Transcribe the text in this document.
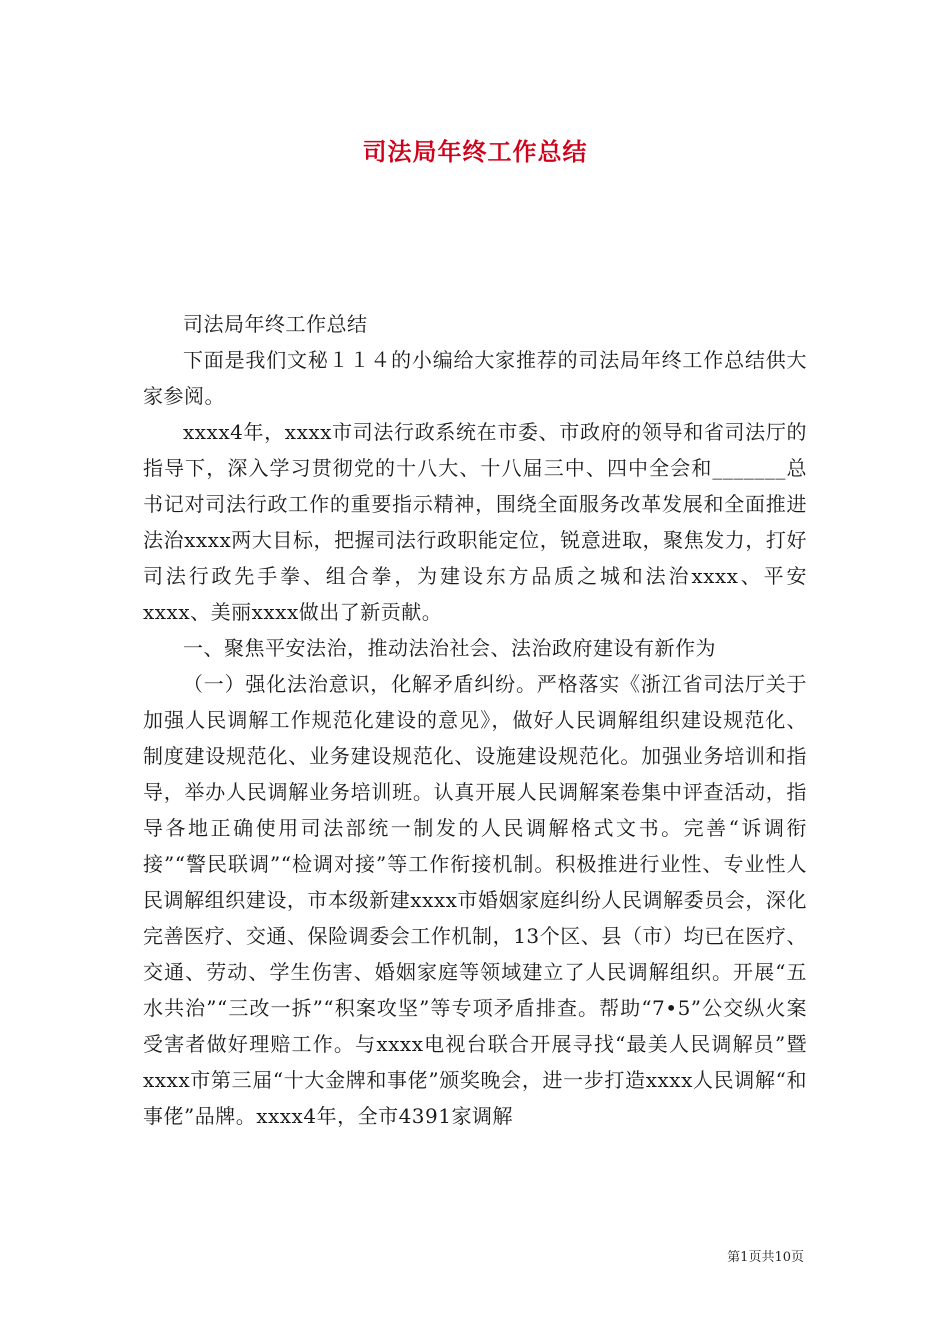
司法局年终工作总结

司法局年终工作总结

下面是我们文秘１１４的小编给大家推荐的司法局年终工作总结供大家参阅。

xxxx4年，xxxx市司法行政系统在市委、市政府的领导和省司法厅的指导下，深入学习贯彻党的十八大、十八届三中、四中全会和_______总书记对司法行政工作的重要指示精神，围绕全面服务改革发展和全面推进法治xxxx两大目标，把握司法行政职能定位，锐意进取，聚焦发力，打好司法行政先手拳、组合拳，为建设东方品质之城和法治xxxx、平安xxxx、美丽xxxx做出了新贡献。

一、聚焦平安法治，推动法治社会、法治政府建设有新作为

（一）强化法治意识，化解矛盾纠纷。严格落实《浙江省司法厅关于加强人民调解工作规范化建设的意见》，做好人民调解组织建设规范化、制度建设规范化、业务建设规范化、设施建设规范化。加强业务培训和指导，举办人民调解业务培训班。认真开展人民调解案卷集中评查活动，指导各地正确使用司法部统一制发的人民调解格式文书。完善“诉调衔接”“警民联调”“检调对接”等工作衔接机制。积极推进行业性、专业性人民调解组织建设，市本级新建xxxx市婚姻家庭纠纷人民调解委员会，深化完善医疗、交通、保险调委会工作机制，13个区、县（市）均已在医疗、交通、劳动、学生伤害、婚姻家庭等领域建立了人民调解组织。开展“五水共治”“三改一拆”“积案攻坚”等专项矛盾排查。帮助“7•5”公交纵火案受害者做好理赔工作。与xxxx电视台联合开展寻找“最美人民调解员”暨xxxx市第三届“十大金牌和事佬”颁奖晚会，进一步打造xxxx人民调解“和事佬”品牌。xxxx4年，全市4391家调解

第1页共10页
